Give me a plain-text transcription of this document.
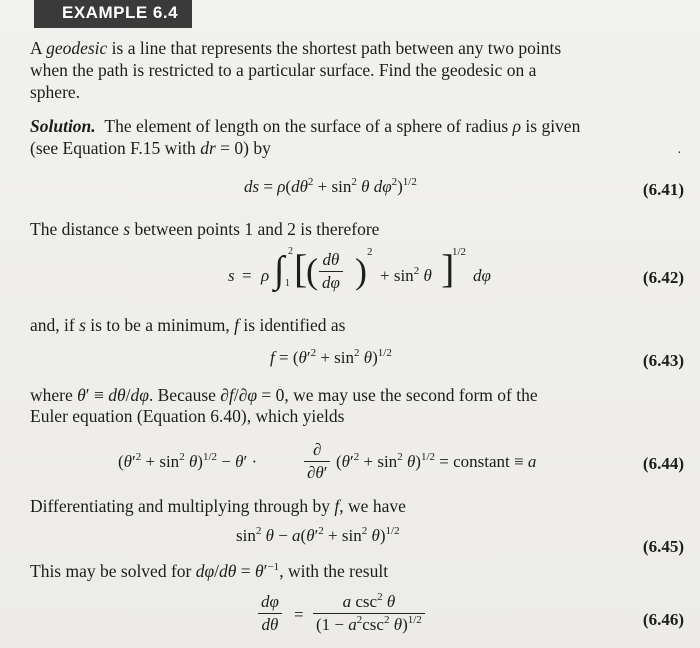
EXAMPLE 6.4
A geodesic is a line that represents the shortest path between any two points
when the path is restricted to a particular surface. Find the geodesic on a
sphere.
Solution.  The element of length on the surface of a sphere of radius ρ is given
·
(see Equation F.15 with dr = 0) by
ds = $\rho(d\theta^2 + \sin^2 \theta$ $d\varphi^2)^{1/2}$	(6.41)
The distance s between points 1 and 2 is therefore
s = ρ ∫ 2
1 [
( $\frac{d\theta}{d\varphi}$ ) 2
+ $\sin^2 \theta$ ]
1/2
dφ	(6.42)
and, if s is to be a minimum, f is identified as
$f = (\theta'^2 + \sin^2 \theta)^{1/2}$	(6.43)
where θ′ ≡ dθ/dφ. Because ∂f/∂φ = 0, we may use the second form of the
Euler equation (Equation 6.40), which yields
$(\theta'^2 + \sin^2 \theta)^{1/2} - \theta'$ ·
∂
∂θ′
$(\theta'^2 + \sin^2 \theta)^{1/2}$ = constant ≡ a	(6.44)
Differentiating and multiplying through by f, we have
$\sin^2 \theta - a(\theta'^2 + \sin^2 \theta)^{1/2}$
(6.45)
This may be solved for $d\varphi/d\theta = \theta'^{-1}$, with the result
$\frac{d\varphi}{d\theta}$ =
a $\csc^2 \theta$
($1 - a^2\csc^2$ θ)$^{1/2}$	(6.46)
